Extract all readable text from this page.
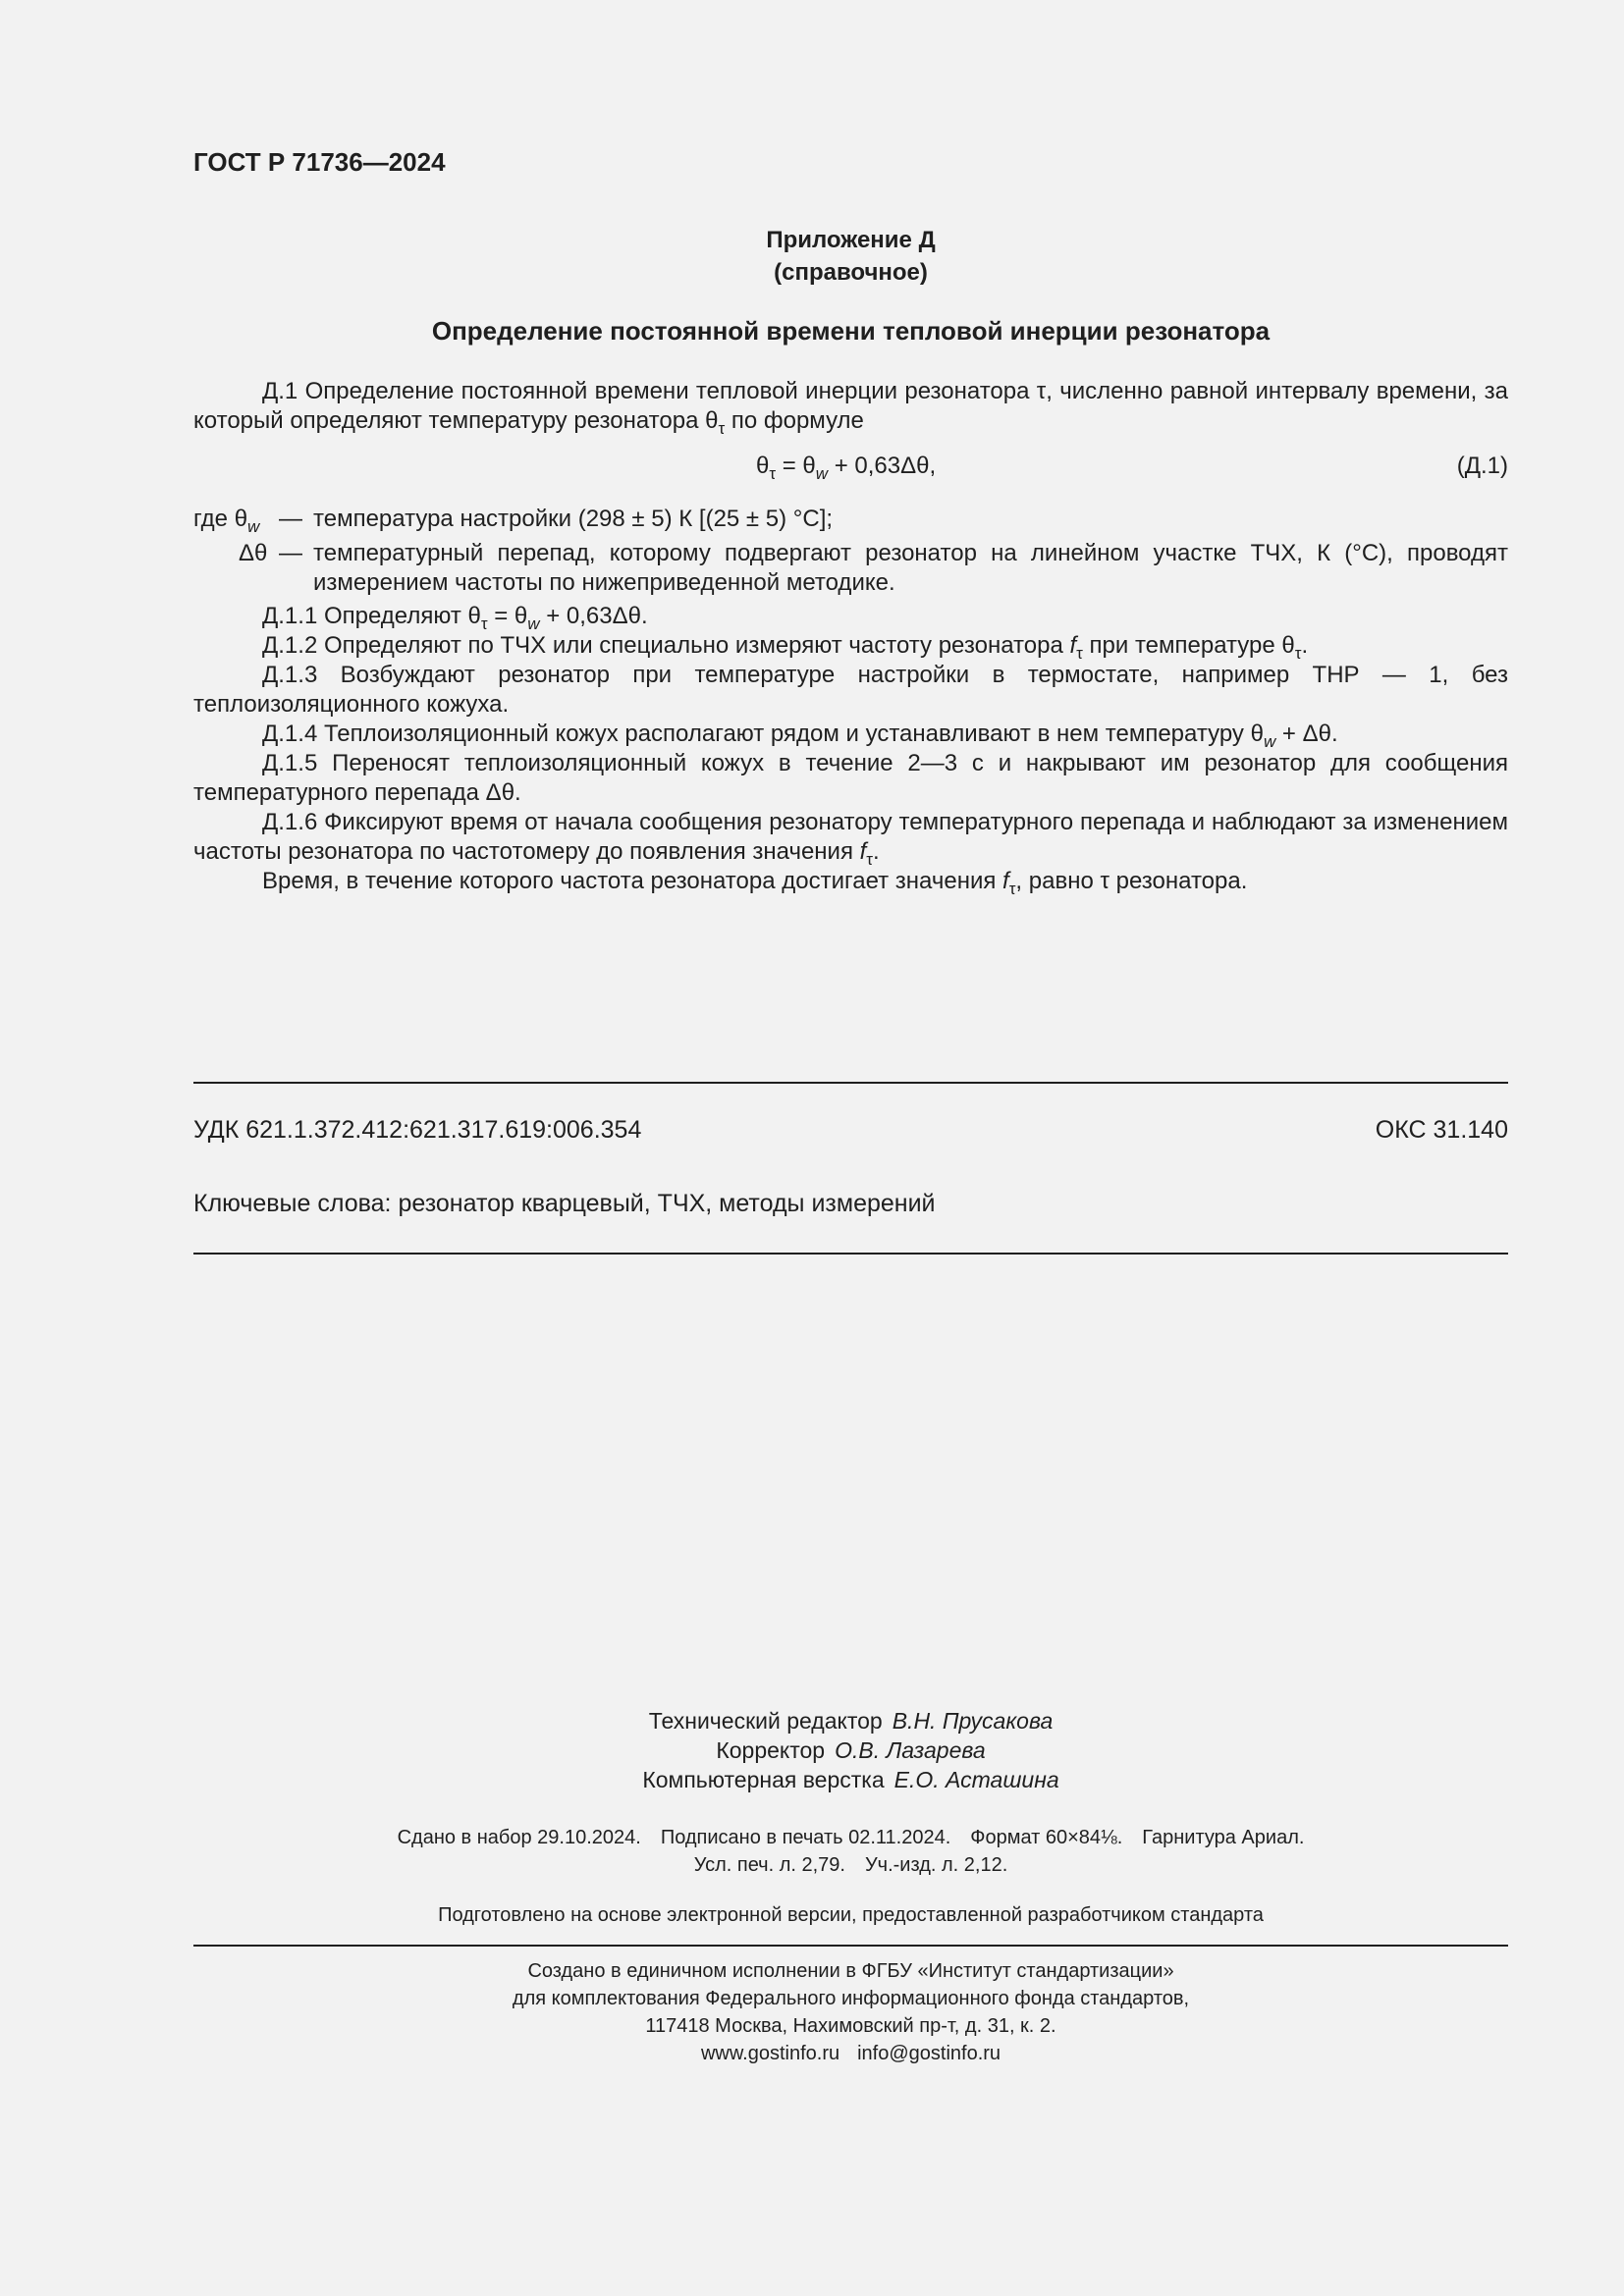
ГОСТ Р 71736—2024
Приложение Д
(справочное)
Определение постоянной времени тепловой инерции резонатора
Д.1 Определение постоянной времени тепловой инерции резонатора τ, численно равной интервалу времени, за который определяют температуру резонатора $\theta_\tau$ по формуле
$\theta_\tau = \theta_w + 0,63\Delta\theta$,	(Д.1)
где $\theta_w$ — температура настройки (298 ± 5) К [(25 ± 5) °C];
Δθ — температурный перепад, которому подвергают резонатор на линейном участке ТЧХ, К (°C), проводят измерением частоты по нижеприведенной методике.
Д.1.1 Определяют $\theta_\tau = \theta_w + 0,63\Delta\theta$.
Д.1.2 Определяют по ТЧХ или специально измеряют частоту резонатора $f_\tau$ при температуре $\theta_\tau$.
Д.1.3 Возбуждают резонатор при температуре настройки в термостате, например ТНР — 1, без теплоизоляционного кожуха.
Д.1.4 Теплоизоляционный кожух располагают рядом и устанавливают в нем температуру $\theta_w + \Delta\theta$.
Д.1.5 Переносят теплоизоляционный кожух в течение 2—3 с и накрывают им резонатор для сообщения температурного перепада Δθ.
Д.1.6 Фиксируют время от начала сообщения резонатору температурного перепада и наблюдают за изменением частоты резонатора по частотомеру до появления значения $f_\tau$.
Время, в течение которого частота резонатора достигает значения $f_\tau$, равно τ резонатора.
УДК 621.1.372.412:621.317.619:006.354	ОКС 31.140
Ключевые слова: резонатор кварцевый, ТЧХ, методы измерений
Технический редактор В.Н. Прусакова
Корректор О.В. Лазарева
Компьютерная верстка Е.О. Асташина
Сдано в набор 29.10.2024. Подписано в печать 02.11.2024. Формат 60×84⅛. Гарнитура Ариал.
Усл. печ. л. 2,79. Уч.-изд. л. 2,12.
Подготовлено на основе электронной версии, предоставленной разработчиком стандарта
Создано в единичном исполнении в ФГБУ «Институт стандартизации»
для комплектования Федерального информационного фонда стандартов,
117418 Москва, Нахимовский пр-т, д. 31, к. 2.
www.gostinfo.ru info@gostinfo.ru
